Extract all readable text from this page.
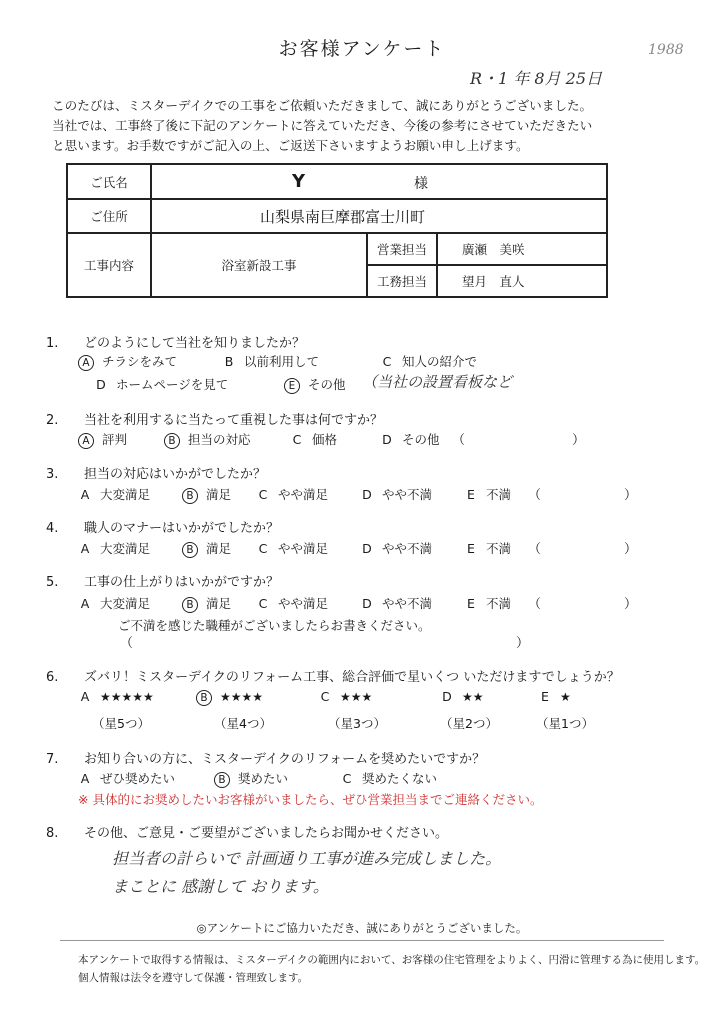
お客様アンケート	1988
R・1 年 8月 25日
このたびは、ミスターデイクでの工事をご依頼いただきまして、誠にありがとうございました。
当社では、工事終了後に下記のアンケートに答えていただき、今後の参考にさせていただきたい
と思います。お手数ですがご記入の上、ご返送下さいますようお願い申し上げます。
ご氏名	Y 様		

ご住所	山梨県南巨摩郡富士川町		
工事内容	浴室新設工事	営業担当	廣瀬　美咲
		工務担当	望月　直人
1. どのようにして当社を知りましたか？
A チラシをみて	B 以前利用して	C 知人の紹介で
D ホームページを見て	E その他 （当社の設置看板など
2. 当社を利用するに当たって重視した事は何ですか？
A 評判	B 担当の対応	C 価格	D その他 （	）
3. 担当の対応はいかがでしたか？
A 大変満足	B 満足 C やや満足	D やや不満	E 不満 （	）
4. 職人のマナーはいかがでしたか？
A 大変満足	B 満足 C やや満足	D やや不満	E 不満 （	）
5. 工事の仕上がりはいかがですか？
A 大変満足	B 満足 C やや満足	D やや不満	E 不満 （	）
ご不満を感じた職種がございましたらお書きください。
（	）
6. ズバリ！ミスターデイクのリフォーム工事、総合評価で星いくつ いただけますでしょうか？
A ★★★★★	B ★★★★	C ★★★	D ★★	E ★
（星5つ）	（星4つ）	（星3つ）	（星2つ）	（星1つ）
7. お知り合いの方に、ミスターデイクのリフォームを奨めたいですか？
A ぜひ奨めたい	B 奨めたい	C 奨めたくない
※ 具体的にお奨めしたいお客様がいましたら、ぜひ営業担当までご連絡ください。
8. その他、ご意見・ご要望がございましたらお聞かせください。
担当者の計らいで 計画通り工事が進み完成しました。
まことに 感謝して おります。
◎アンケートにご協力いただき、誠にありがとうございました。
本アンケートで取得する情報は、ミスターデイクの範囲内において、お客様の住宅管理をよりよく、円滑に管理する為に使用します。
個人情報は法令を遵守して保護・管理致します。
